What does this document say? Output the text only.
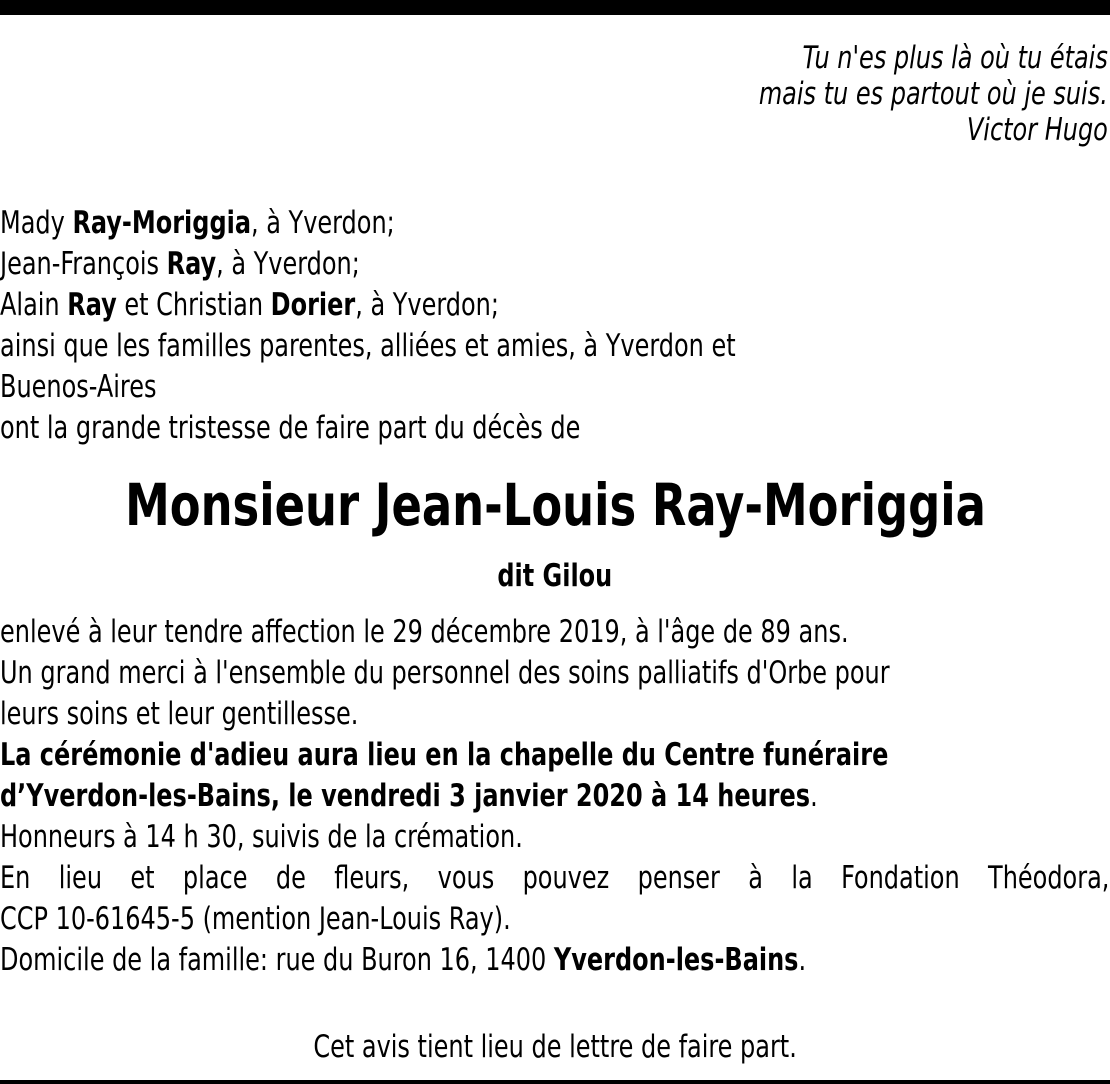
Tu n'es plus là où tu étais
mais tu es partout où je suis.
Victor Hugo
Mady Ray-Moriggia, à Yverdon;
Jean-François Ray, à Yverdon;
Alain Ray et Christian Dorier, à Yverdon;
ainsi que les familles parentes, alliées et amies, à Yverdon et
Buenos-Aires
ont la grande tristesse de faire part du décès de
Monsieur Jean-Louis Ray-Moriggia
dit Gilou
enlevé à leur tendre affection le 29 décembre 2019, à l'âge de 89 ans.
Un grand merci à l'ensemble du personnel des soins palliatifs d'Orbe pour
leurs soins et leur gentillesse.
La cérémonie d'adieu aura lieu en la chapelle du Centre funéraire
d’Yverdon-les-Bains, le vendredi 3 janvier 2020 à 14 heures.
Honneurs à 14 h 30, suivis de la crémation.
En lieu et place de fleurs, vous pouvez penser à la Fondation Théodora,
CCP 10-61645-5 (mention Jean-Louis Ray).
Domicile de la famille: rue du Buron 16, 1400 Yverdon-les-Bains.
Cet avis tient lieu de lettre de faire part.
